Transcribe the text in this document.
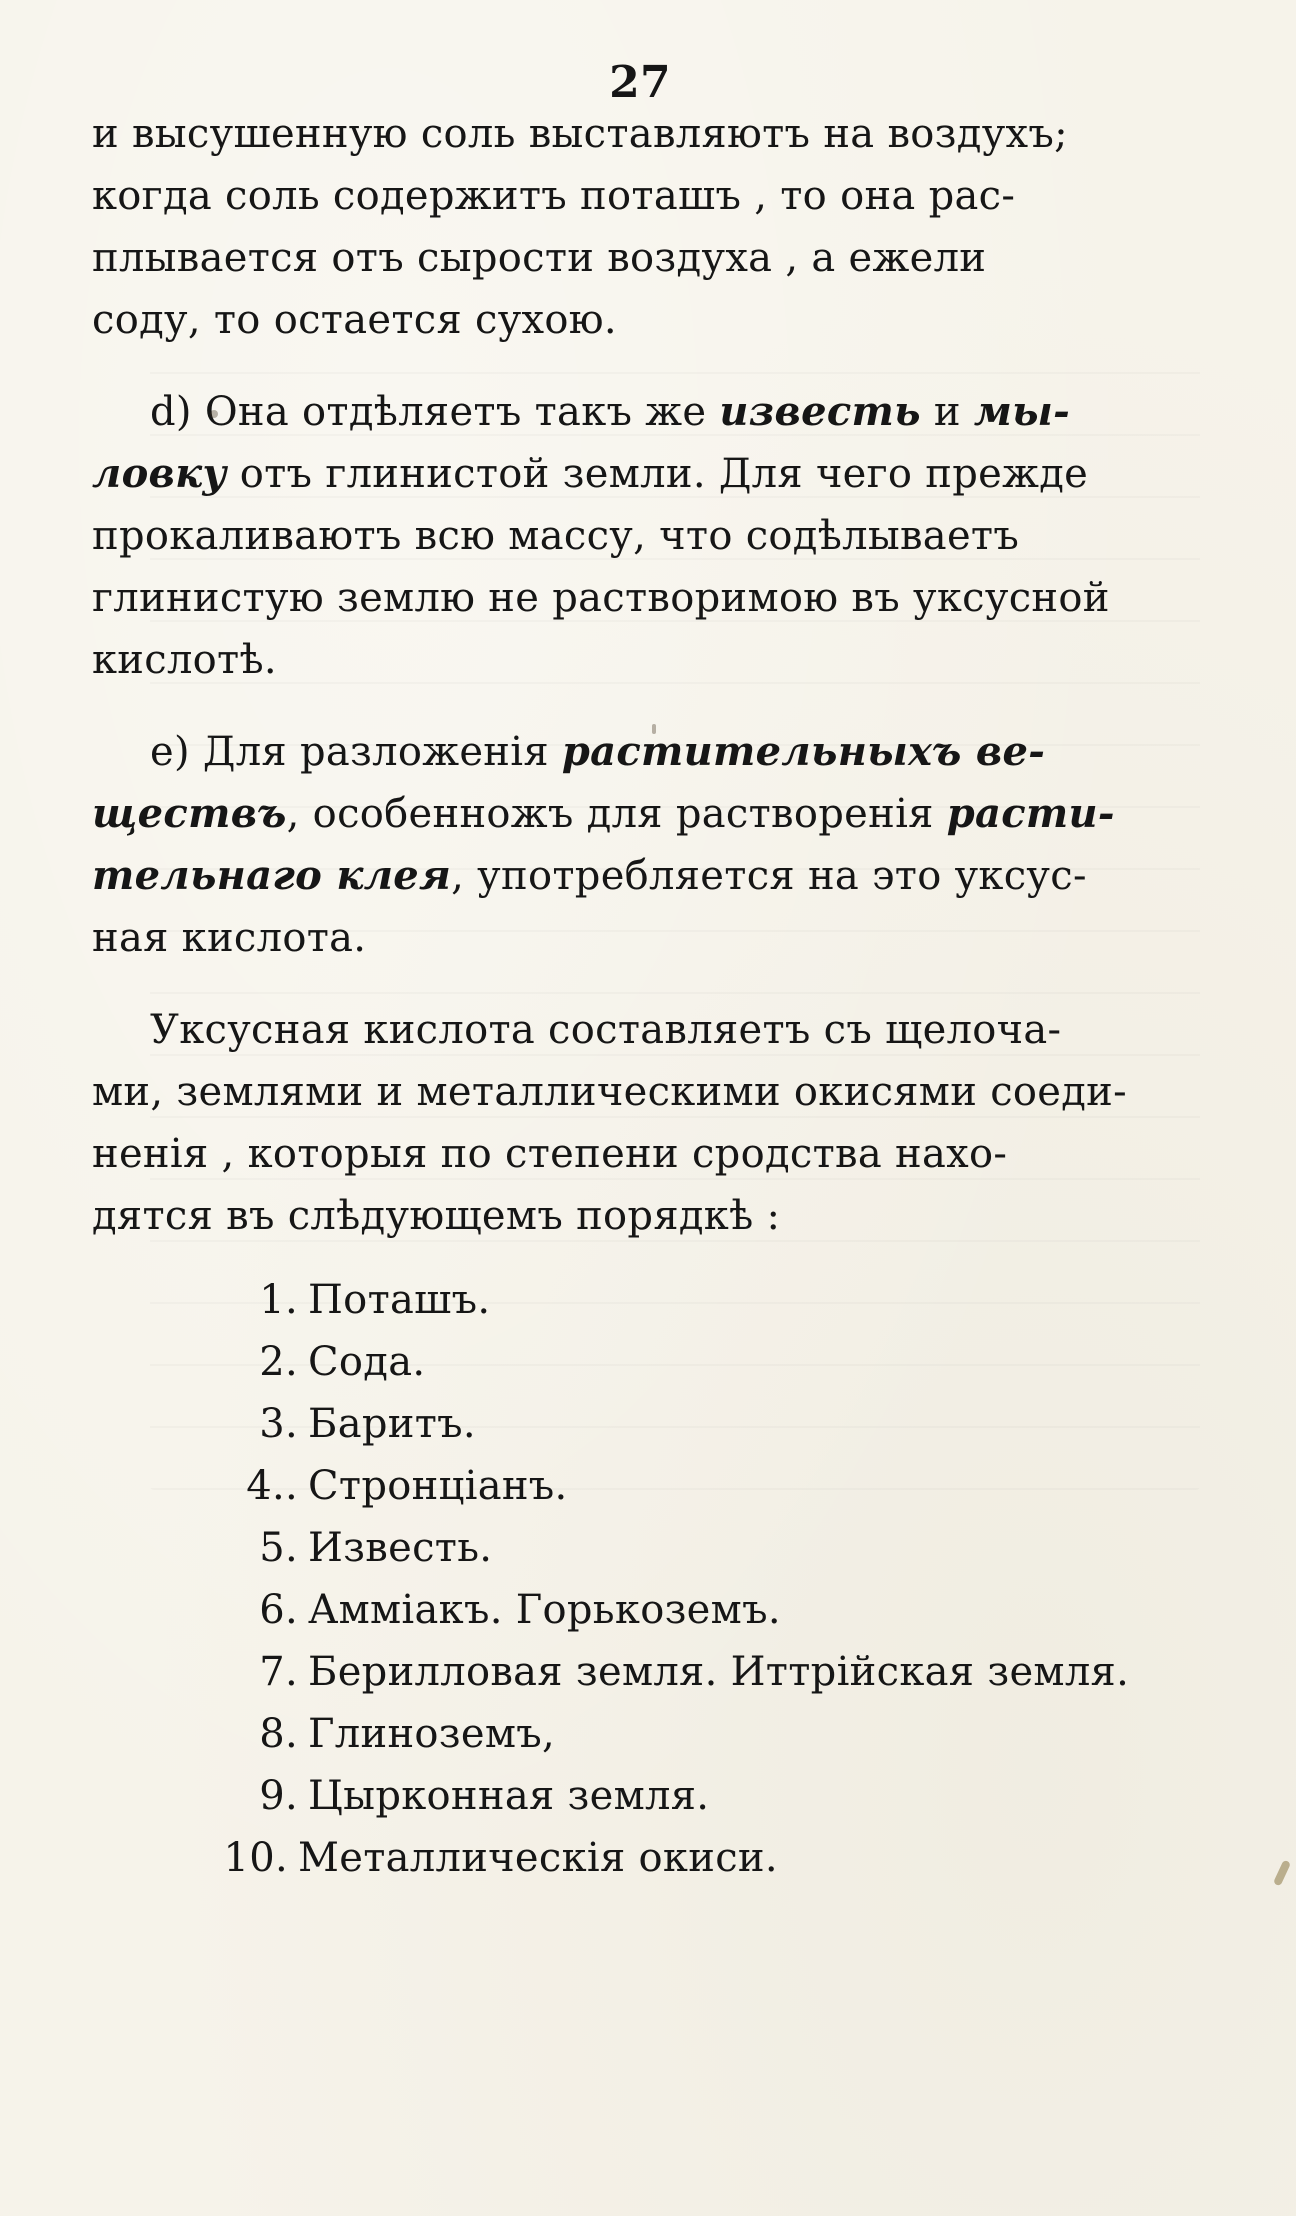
27
и высушенную соль выставляютъ на воздухъ;
когда соль содержитъ поташъ , то она рас-
плывается отъ сырости воздуха , а ежели
соду, то остается сухою.
d) Она отдѣляетъ такъ же известь и мы-
ловку отъ глинистой земли. Для чего прежде
прокаливаютъ всю массу, что содѣлываетъ
глинистую землю не растворимою въ уксусной
кислотѣ.
e) Для разложенія растительныхъ ве-
ществъ, особенножъ для растворенія расти-
тельнаго клея, употребляется на это уксус-
ная кислота.
Уксусная кислота составляетъ съ щелоча-
ми, землями и металлическими окисями соеди-
ненія , которыя по степени сродства нахо-
дятся въ слѣдующемъ порядкѣ :
1. Поташъ.
2. Сода.
3. Баритъ.
4.. Стронціанъ.
5. Известь.
6. Амміакъ. Горькоземъ.
7. Берилловая земля. Иттрійская земля.
8. Глиноземъ,
9. Цырконная земля.
10. Металлическія окиси.
